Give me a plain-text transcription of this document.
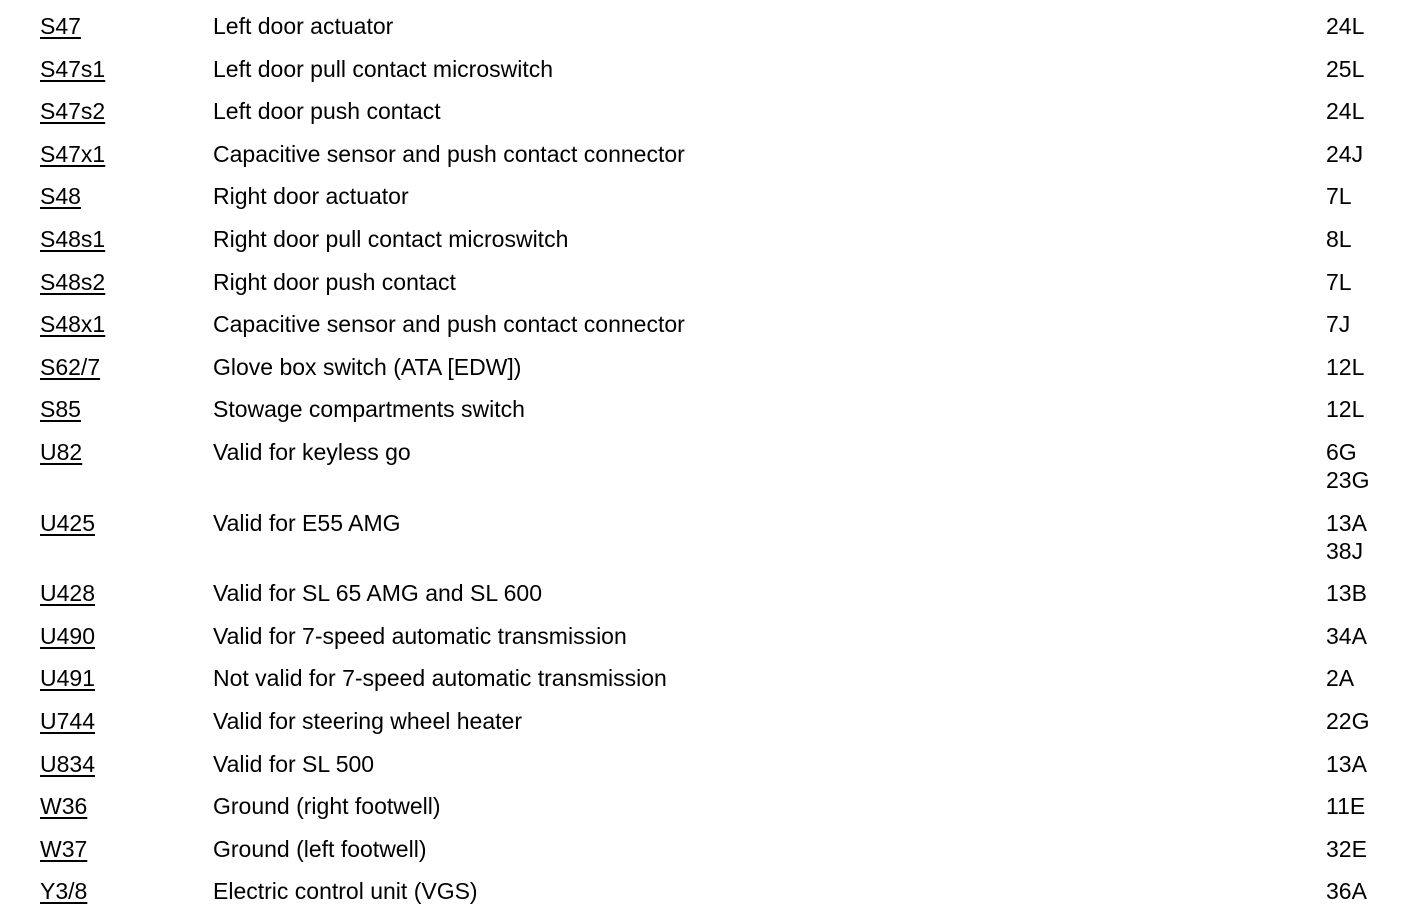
S47	Left door actuator	24L
S47s1	Left door pull contact microswitch	25L
S47s2	Left door push contact	24L
S47x1	Capacitive sensor and push contact connector	24J
S48	Right door actuator	7L
S48s1	Right door pull contact microswitch	8L
S48s2	Right door push contact	7L
S48x1	Capacitive sensor and push contact connector	7J
S62/7	Glove box switch (ATA [EDW])	12L
S85	Stowage compartments switch	12L
U82	Valid for keyless go	6G
23G
U425	Valid for E55 AMG	13A
38J
U428	Valid for SL 65 AMG and SL 600	13B
U490	Valid for 7-speed automatic transmission	34A
U491	Not valid for 7-speed automatic transmission	2A
U744	Valid for steering wheel heater	22G
U834	Valid for SL 500	13A
W36	Ground (right footwell)	11E
W37	Ground (left footwell)	32E
Y3/8	Electric control unit (VGS)	36A
